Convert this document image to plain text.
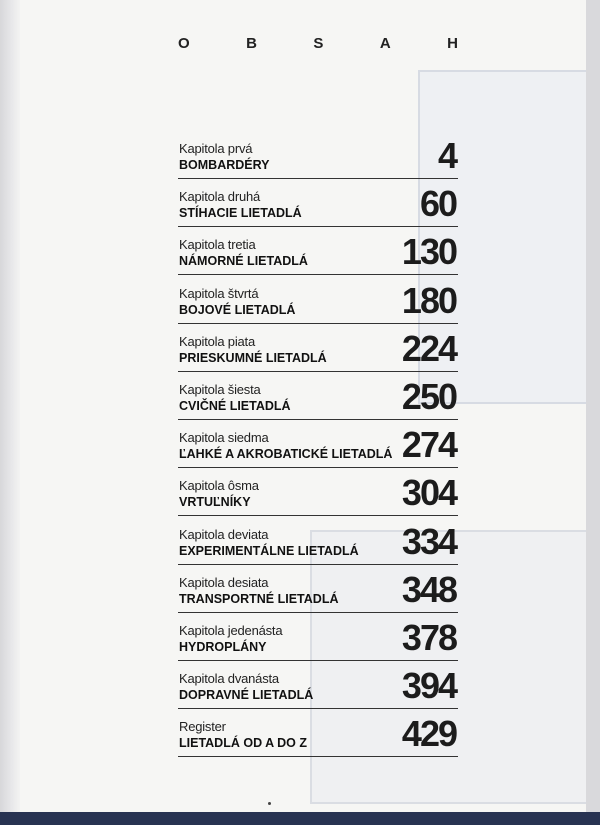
O	B	S	A	H
Kapitola prvá
BOMBARDÉRY	4
Kapitola druhá
STÍHACIE LIETADLÁ	60
Kapitola tretia
NÁMORNÉ LIETADLÁ	130
Kapitola štvrtá
BOJOVÉ LIETADLÁ	180
Kapitola piata
PRIESKUMNÉ LIETADLÁ 224
Kapitola šiesta
CVIČNÉ LIETADLÁ	250
Kapitola siedma
ĽAHKÉ A AKROBATICKÉ LIETADLÁ 274
Kapitola ôsma
VRTUĽNÍKY	304
Kapitola deviata
EXPERIMENTÁLNE LIETADLÁ 334
Kapitola desiata
TRANSPORTNÉ LIETADLÁ 348
Kapitola jedenásta
HYDROPLÁNY	378
Kapitola dvanásta
DOPRAVNÉ LIETADLÁ 394
Register
LIETADLÁ OD A DO Z	429
